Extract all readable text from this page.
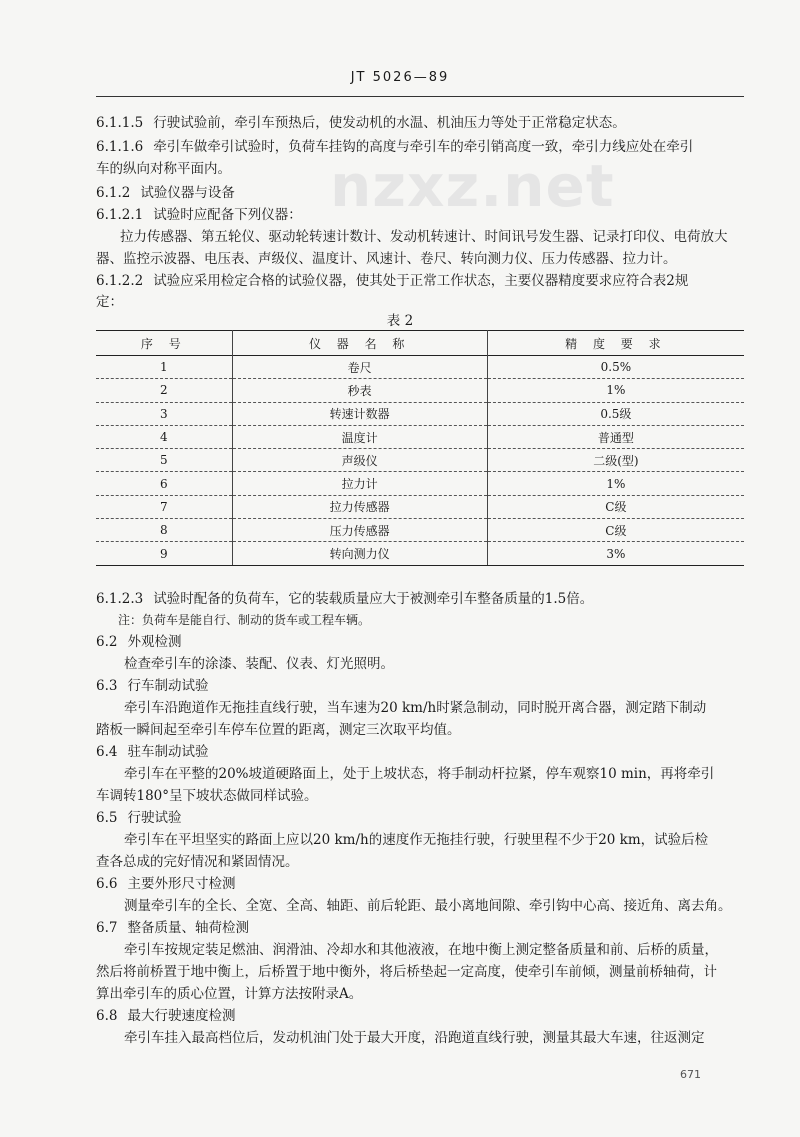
JT 5026—89
nzxz.net
6.1.1.5 行驶试验前，牵引车预热后，使发动机的水温、机油压力等处于正常稳定状态。
6.1.1.6 牵引车做牵引试验时，负荷车挂钩的高度与牵引车的牵引销高度一致，牵引力线应处在牵引
车的纵向对称平面内。
6.1.2 试验仪器与设备
6.1.2.1 试验时应配备下列仪器：
拉力传感器、第五轮仪、驱动轮转速计数计、发动机转速计、时间讯号发生器、记录打印仪、电荷放大
器、监控示波器、电压表、声级仪、温度计、风速计、卷尺、转向测力仪、压力传感器、拉力计。
6.1.2.2 试验应采用检定合格的试验仪器，使其处于正常工作状态，主要仪器精度要求应符合表2规
定：
表 2
序 号	仪 器 名 称	精 度 要 求
1	卷尺	0.5%
2	秒表	1%
3	转速计数器	0.5级
4	温度计	普通型
5	声级仪	二级(型)
6	拉力计	1%
7	拉力传感器	C级
8	压力传感器	C级
9	转向测力仪	3%
6.1.2.3 试验时配备的负荷车，它的装载质量应大于被测牵引车整备质量的1.5倍。
注：负荷车是能自行、制动的货车或工程车辆。
6.2 外观检测
检查牵引车的涂漆、装配、仪表、灯光照明。
6.3 行车制动试验
牵引车沿跑道作无拖挂直线行驶，当车速为20 km/h时紧急制动，同时脱开离合器，测定踏下制动
踏板一瞬间起至牵引车停车位置的距离，测定三次取平均值。
6.4 驻车制动试验
牵引车在平整的20%坡道硬路面上，处于上坡状态，将手制动杆拉紧，停车观察10 min，再将牵引
车调转180°呈下坡状态做同样试验。
6.5 行驶试验
牵引车在平坦坚实的路面上应以20 km/h的速度作无拖挂行驶，行驶里程不少于20 km，试验后检
查各总成的完好情况和紧固情况。
6.6 主要外形尺寸检测
测量牵引车的全长、全宽、全高、轴距、前后轮距、最小离地间隙、牵引钩中心高、接近角、离去角。
6.7 整备质量、轴荷检测
牵引车按规定装足燃油、润滑油、冷却水和其他液液，在地中衡上测定整备质量和前、后桥的质量，
然后将前桥置于地中衡上，后桥置于地中衡外，将后桥垫起一定高度，使牵引车前倾，测量前桥轴荷，计
算出牵引车的质心位置，计算方法按附录A。
6.8 最大行驶速度检测
牵引车挂入最高档位后，发动机油门处于最大开度，沿跑道直线行驶，测量其最大车速，往返测定
671
